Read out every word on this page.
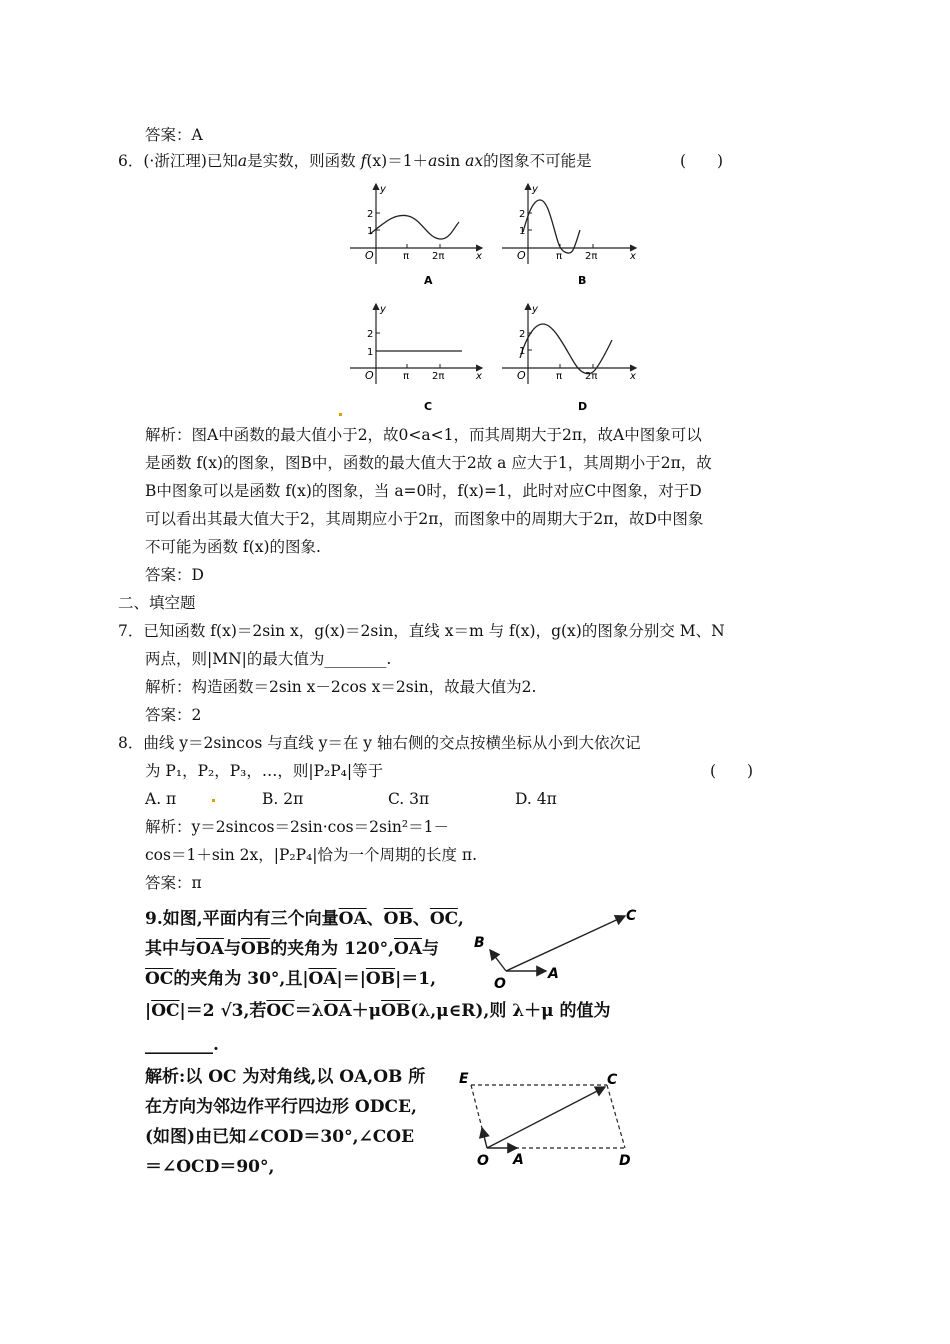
答案：A
6．(·浙江理)已知a是实数，则函数 f(x)＝1＋asin ax的图象不可能是	(　　)
y
x
O
2
1
π 2π
A
y
x
O
2
1
π 2π
B
y
x
O
2
1
π 2π
C
y
x
O
2
1
π 2π
D
解析：图A中函数的最大值小于2，故0<a<1，而其周期大于2π，故A中图象可以
是函数 f(x)的图象，图B中，函数的最大值大于2故 a 应大于1，其周期小于2π，故
B中图象可以是函数 f(x)的图象，当 a=0时，f(x)=1，此时对应C中图象，对于D
可以看出其最大值大于2，其周期应小于2π，而图象中的周期大于2π，故D中图象
不可能为函数 f(x)的图象.
答案：D
二、填空题
7．已知函数 f(x)＝2sin x，g(x)＝2sin，直线 x＝m 与 f(x)，g(x)的图象分别交 M、N
两点，则|MN|的最大值为________.
解析：构造函数＝2sin x－2cos x＝2sin，故最大值为2.
答案：2
8．曲线 y＝2sincos 与直线 y＝在 y 轴右侧的交点按横坐标从小到大依次记
为 P₁，P₂，P₃，…，则|P₂P₄|等于	(　　)
A. π	B. 2π	C. 3π	D. 4π
解析：y＝2sincos＝2sin·cos＝2sin²＝1－
cos＝1＋sin 2x，|P₂P₄|恰为一个周期的长度 π.
答案：π
9.如图,平面内有三个向量$\overline{OA}$、$\overline{OB}$、$\overline{OC}$,
其中与$\overline{OA}$与$\overline{OB}$的夹角为 $120^\circ,\overline{OA}$与
$\overline{OC}$的夹角为 30°,且$|\overline{OA}|=|\overline{OB}|=1$,
$|\overline{OC}|=2$ √3,若$\overline{OC}=\lambda\overline{OA}+\mu\overline{OB}(\lambda,\mu\in R)$,则 λ＋μ 的值为
________.
O
A
B
C
解析:以 OC 为对角线,以 OA,OB 所
在方向为邻边作平行四边形 ODCE,
(如图)由已知∠COD＝30°,∠COE
＝∠OCD＝90°,	O A	D
C
E
